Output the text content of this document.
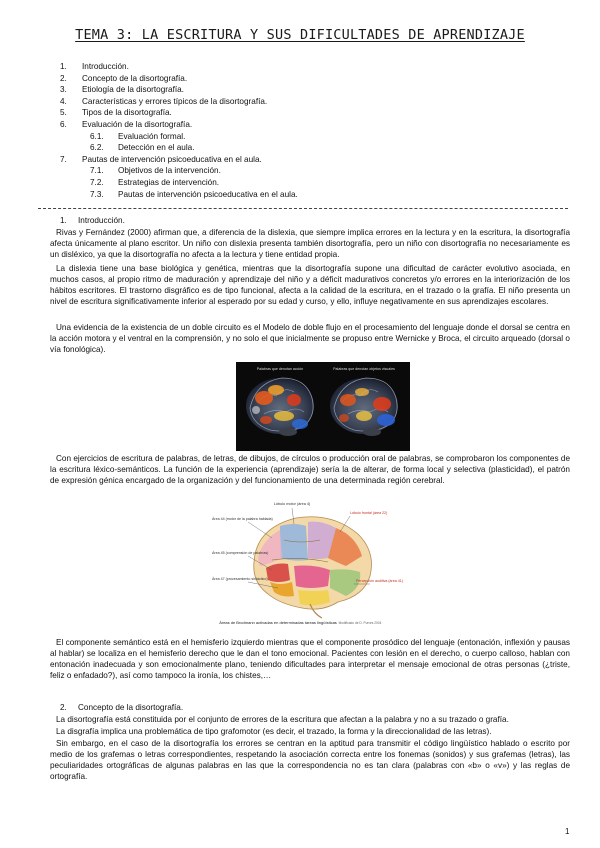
TEMA 3: LA ESCRITURA Y SUS DIFICULTADES DE APRENDIZAJE
1.	Introducción.
2.	Concepto de la disortografía.
3.	Etiología de la disortografía.
4.	Características y errores típicos de la disortografía.
5.	Tipos de la disortografía.
6.	Evaluación de la disortografía.
6.1.	Evaluación formal.
6.2.	Detección en el aula.
7.	Pautas de intervención psicoeducativa en el aula.
7.1.	Objetivos de la intervención.
7.2.	Estrategias de intervención.
7.3.	Pautas de intervención psicoeducativa en el aula.
1. Introducción.
Rivas y Fernández (2000) afirman que, a diferencia de la dislexia, que siempre implica errores en la lectura y en la escritura, la disortografía afecta únicamente al plano escritor. Un niño con dislexia presenta también disortografía, pero un niño con disortografía no necesariamente es un disléxico, ya que la disortografía no afecta a la lectura y tiene entidad propia.
La dislexia tiene una base biológica y genética, mientras que la disortografía supone una dificultad de carácter evolutivo asociada, en muchos casos, al propio ritmo de maduración y aprendizaje del niño y a déficit madurativos concretos y/o errores en la interiorización de los hábitos escritores. El trastorno disgráfico es de tipo funcional, afecta a la calidad de la escritura, en el trazado o la grafía. El niño presenta un nivel de escritura significativamente inferior al esperado por su edad y curso, y ello, influye negativamente en sus aprendizajes escolares.
Una evidencia de la existencia de un doble circuito es el Modelo de doble flujo en el procesamiento del lenguaje donde el dorsal se centra en la acción motora y el ventral en la comprensión, y no solo el que inicialmente se propuso entre Wernicke y Broca, el circuito arqueado (dorsal o vía fonológica).
Palabras que denotan acción	Palabras que denotan objetos visuales
Con ejercicios de escritura de palabras, de letras, de dibujos, de círculos o producción oral de palabras, se comprobaron los componentes de la escritura léxico-semánticos. La función de la experiencia (aprendizaje) sería la de alterar, de forma local y selectiva (plasticidad), el patrón de expresión génica encargado de la organización y del funcionamiento de una determinada región cerebral.
Lóbulo motor (área 4)
Lóbulo frontal (área 22)
Área 44 (motor de la palabra hablada)
Área 45 (comprensión de palabras)
Área 47 (procesamiento sintáctico)	Percepción auditiva (área 41)
Áreas de Brodmann activadas en determinadas tareas lingüísticas Modificado de D. Purves 2004
El componente semántico está en el hemisferio izquierdo mientras que el componente prosódico del lenguaje (entonación, inflexión y pausas al hablar) se localiza en el hemisferio derecho que le dan el tono emocional. Pacientes con lesión en el derecho, o cuerpo calloso, hablan con entonación inadecuada y son emocionalmente plano, teniendo dificultades para interpretar el mensaje emocional de otras personas (¿triste, feliz o enfadado?), así como tampoco la ironía, los chistes,…
2. Concepto de la disortografía.
La disortografía está constituida por el conjunto de errores de la escritura que afectan a la palabra y no a su trazado o grafía.
La disgrafía implica una problemática de tipo grafomotor (es decir, el trazado, la forma y la direccionalidad de las letras).
Sin embargo, en el caso de la disortografía los errores se centran en la aptitud para transmitir el código lingüístico hablado o escrito por medio de los grafemas o letras correspondientes, respetando la asociación correcta entre los fonemas (sonidos) y sus grafemas (letras), las peculiaridades ortográficas de algunas palabras en las que la correspondencia no es tan clara (palabras con «b» o «v») y las reglas de ortografía.
1
